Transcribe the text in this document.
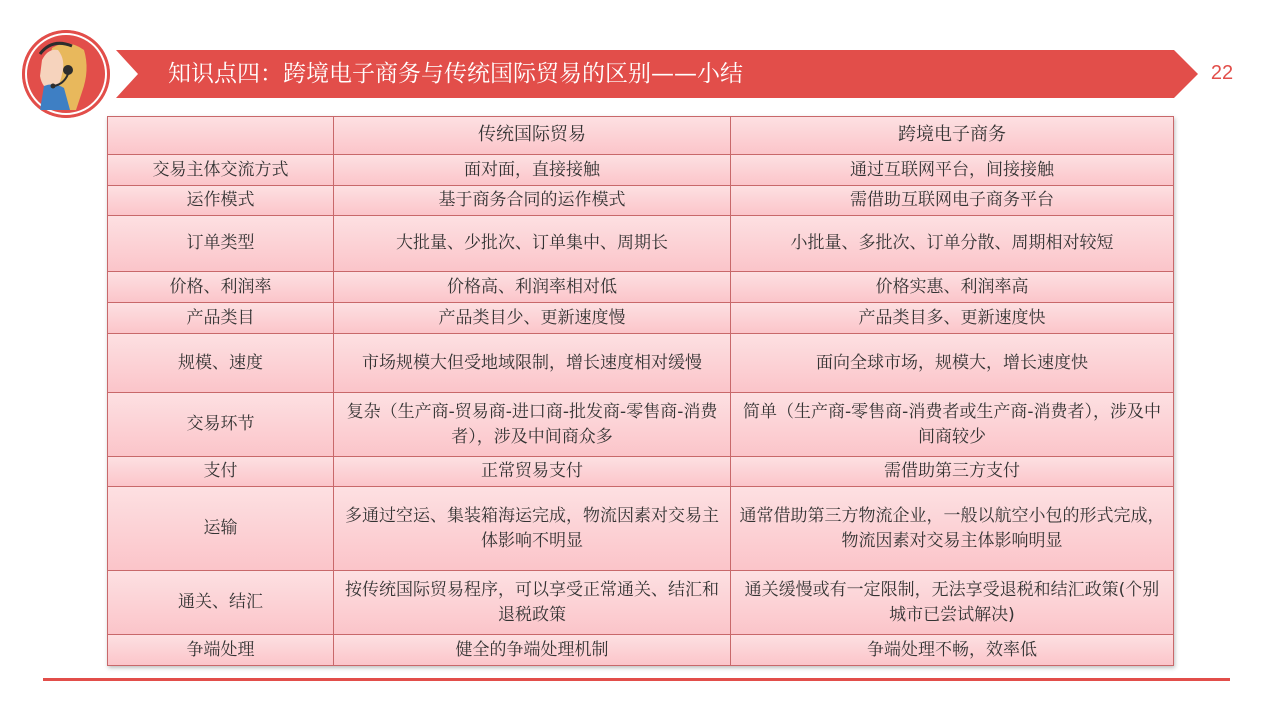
知识点四：跨境电子商务与传统国际贸易的区别——小结	22
	传统国际贸易	跨境电子商务
交易主体交流方式	面对面，直接接触	通过互联网平台，间接接触
运作模式	基于商务合同的运作模式	需借助互联网电子商务平台
订单类型	大批量、少批次、订单集中、周期长	小批量、多批次、订单分散、周期相对较短
价格、利润率	价格高、利润率相对低	价格实惠、利润率高
产品类目	产品类目少、更新速度慢	产品类目多、更新速度快
规模、速度	市场规模大但受地域限制，增长速度相对缓慢	面向全球市场，规模大，增长速度快
交易环节	复杂（生产商-贸易商-进口商-批发商-零售商-消费者），涉及中间商众多	简单（生产商-零售商-消费者或生产商-消费者），涉及中间商较少
支付	正常贸易支付	需借助第三方支付
运输	多通过空运、集装箱海运完成，物流因素对交易主体影响不明显	通常借助第三方物流企业，一般以航空小包的形式完成，物流因素对交易主体影响明显
通关、结汇	按传统国际贸易程序，可以享受正常通关、结汇和退税政策	通关缓慢或有一定限制，无法享受退税和结汇政策(个别城市已尝试解决)
争端处理	健全的争端处理机制	争端处理不畅，效率低
